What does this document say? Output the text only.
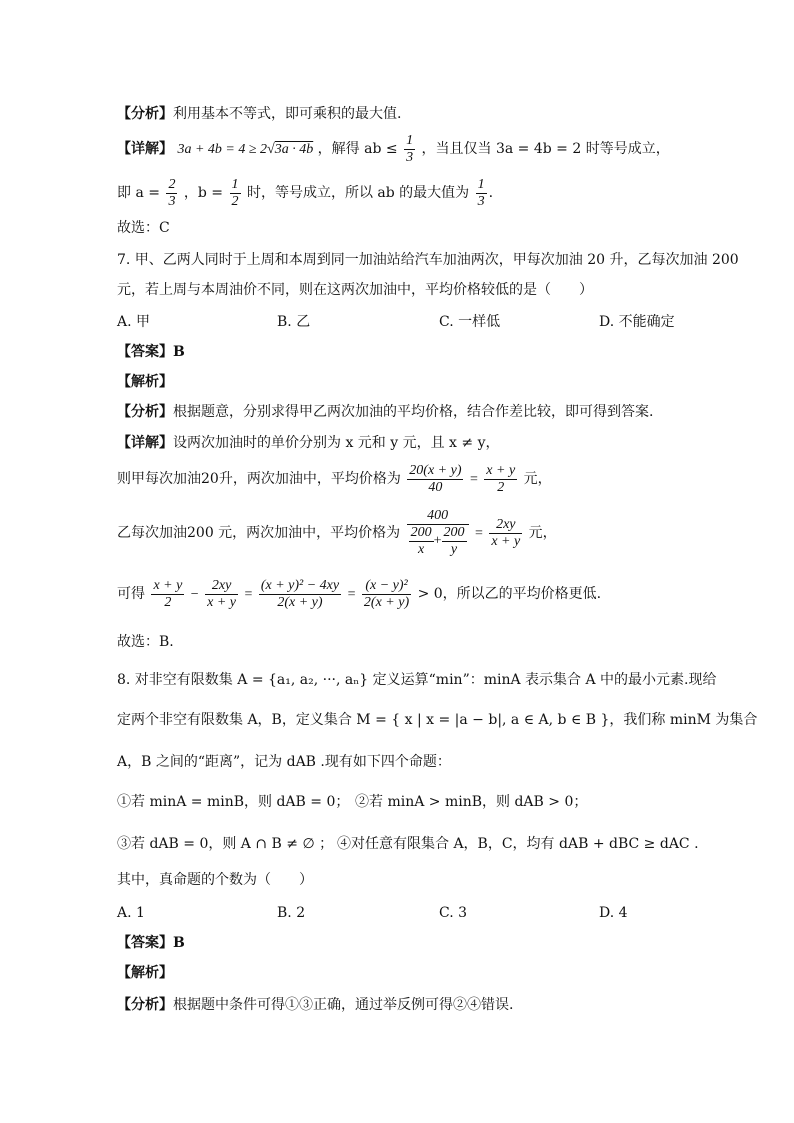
【分析】利用基本不等式，即可乘积的最大值.
【详解】 3a + 4b = 4 ≥ 2√3a · 4b ，解得 ab ≤ $\frac{1}{3}$ ，当且仅当 3a = 4b = 2 时等号成立，
即 $a = \frac{2}{3}$ ，$b = \frac{1}{2}$ 时，等号成立，所以 ab 的最大值为 $\frac{1}{3}$ .
故选：C
7. 甲、乙两人同时于上周和本周到同一加油站给汽车加油两次，甲每次加油 20 升，乙每次加油 200
元，若上周与本周油价不同，则在这两次加油中，平均价格较低的是（　　）
A. 甲	B. 乙	C. 一样低	D. 不能确定
【答案】B
【解析】
【分析】根据题意，分别求得甲乙两次加油的平均价格，结合作差比较，即可得到答案.
【详解】设两次加油时的单价分别为 x 元和 y 元，且 x ≠ y，
则甲每次加油20升，两次加油中，平均价格为 $\frac{20(x + y)}{40} = \frac{x + y}{2}$ 元，
乙每次加油200 元，两次加油中，平均价格为 $\frac{400}{\frac{200}{x} + \frac{200}{y}} = \frac{2xy}{x + y}$ 元，
可得 $\frac{x + y}{2} - \frac{2xy}{x + y} = \frac{\text{(x + y)² − 4xy}}{2(x + y)} = \frac{\text{(x − y)²}}{2(x + y)} > 0$，所以乙的平均价格更低.
故选：B.
8. 对非空有限数集 A = {a₁, a₂, ···, aₙ} 定义运算“min”：minA 表示集合 A 中的最小元素.现给
定两个非空有限数集 A，B，定义集合 M = { x | x = |a − b|, a ∈ A, b ∈ B }，我们称 minM 为集合
A，B 之间的“距离”，记为 dAB .现有如下四个命题：
①若 minA = minB，则 dAB = 0； ②若 minA > minB，则 dAB > 0；
③若 dAB = 0，则 A ∩ B ≠ ∅ ； ④对任意有限集合 A，B，C，均有 dAB + dBC ≥ dAC .
其中，真命题的个数为（　　）
A. 1	B. 2	C. 3	D. 4
【答案】B
【解析】
【分析】根据题中条件可得①③正确，通过举反例可得②④错误.
